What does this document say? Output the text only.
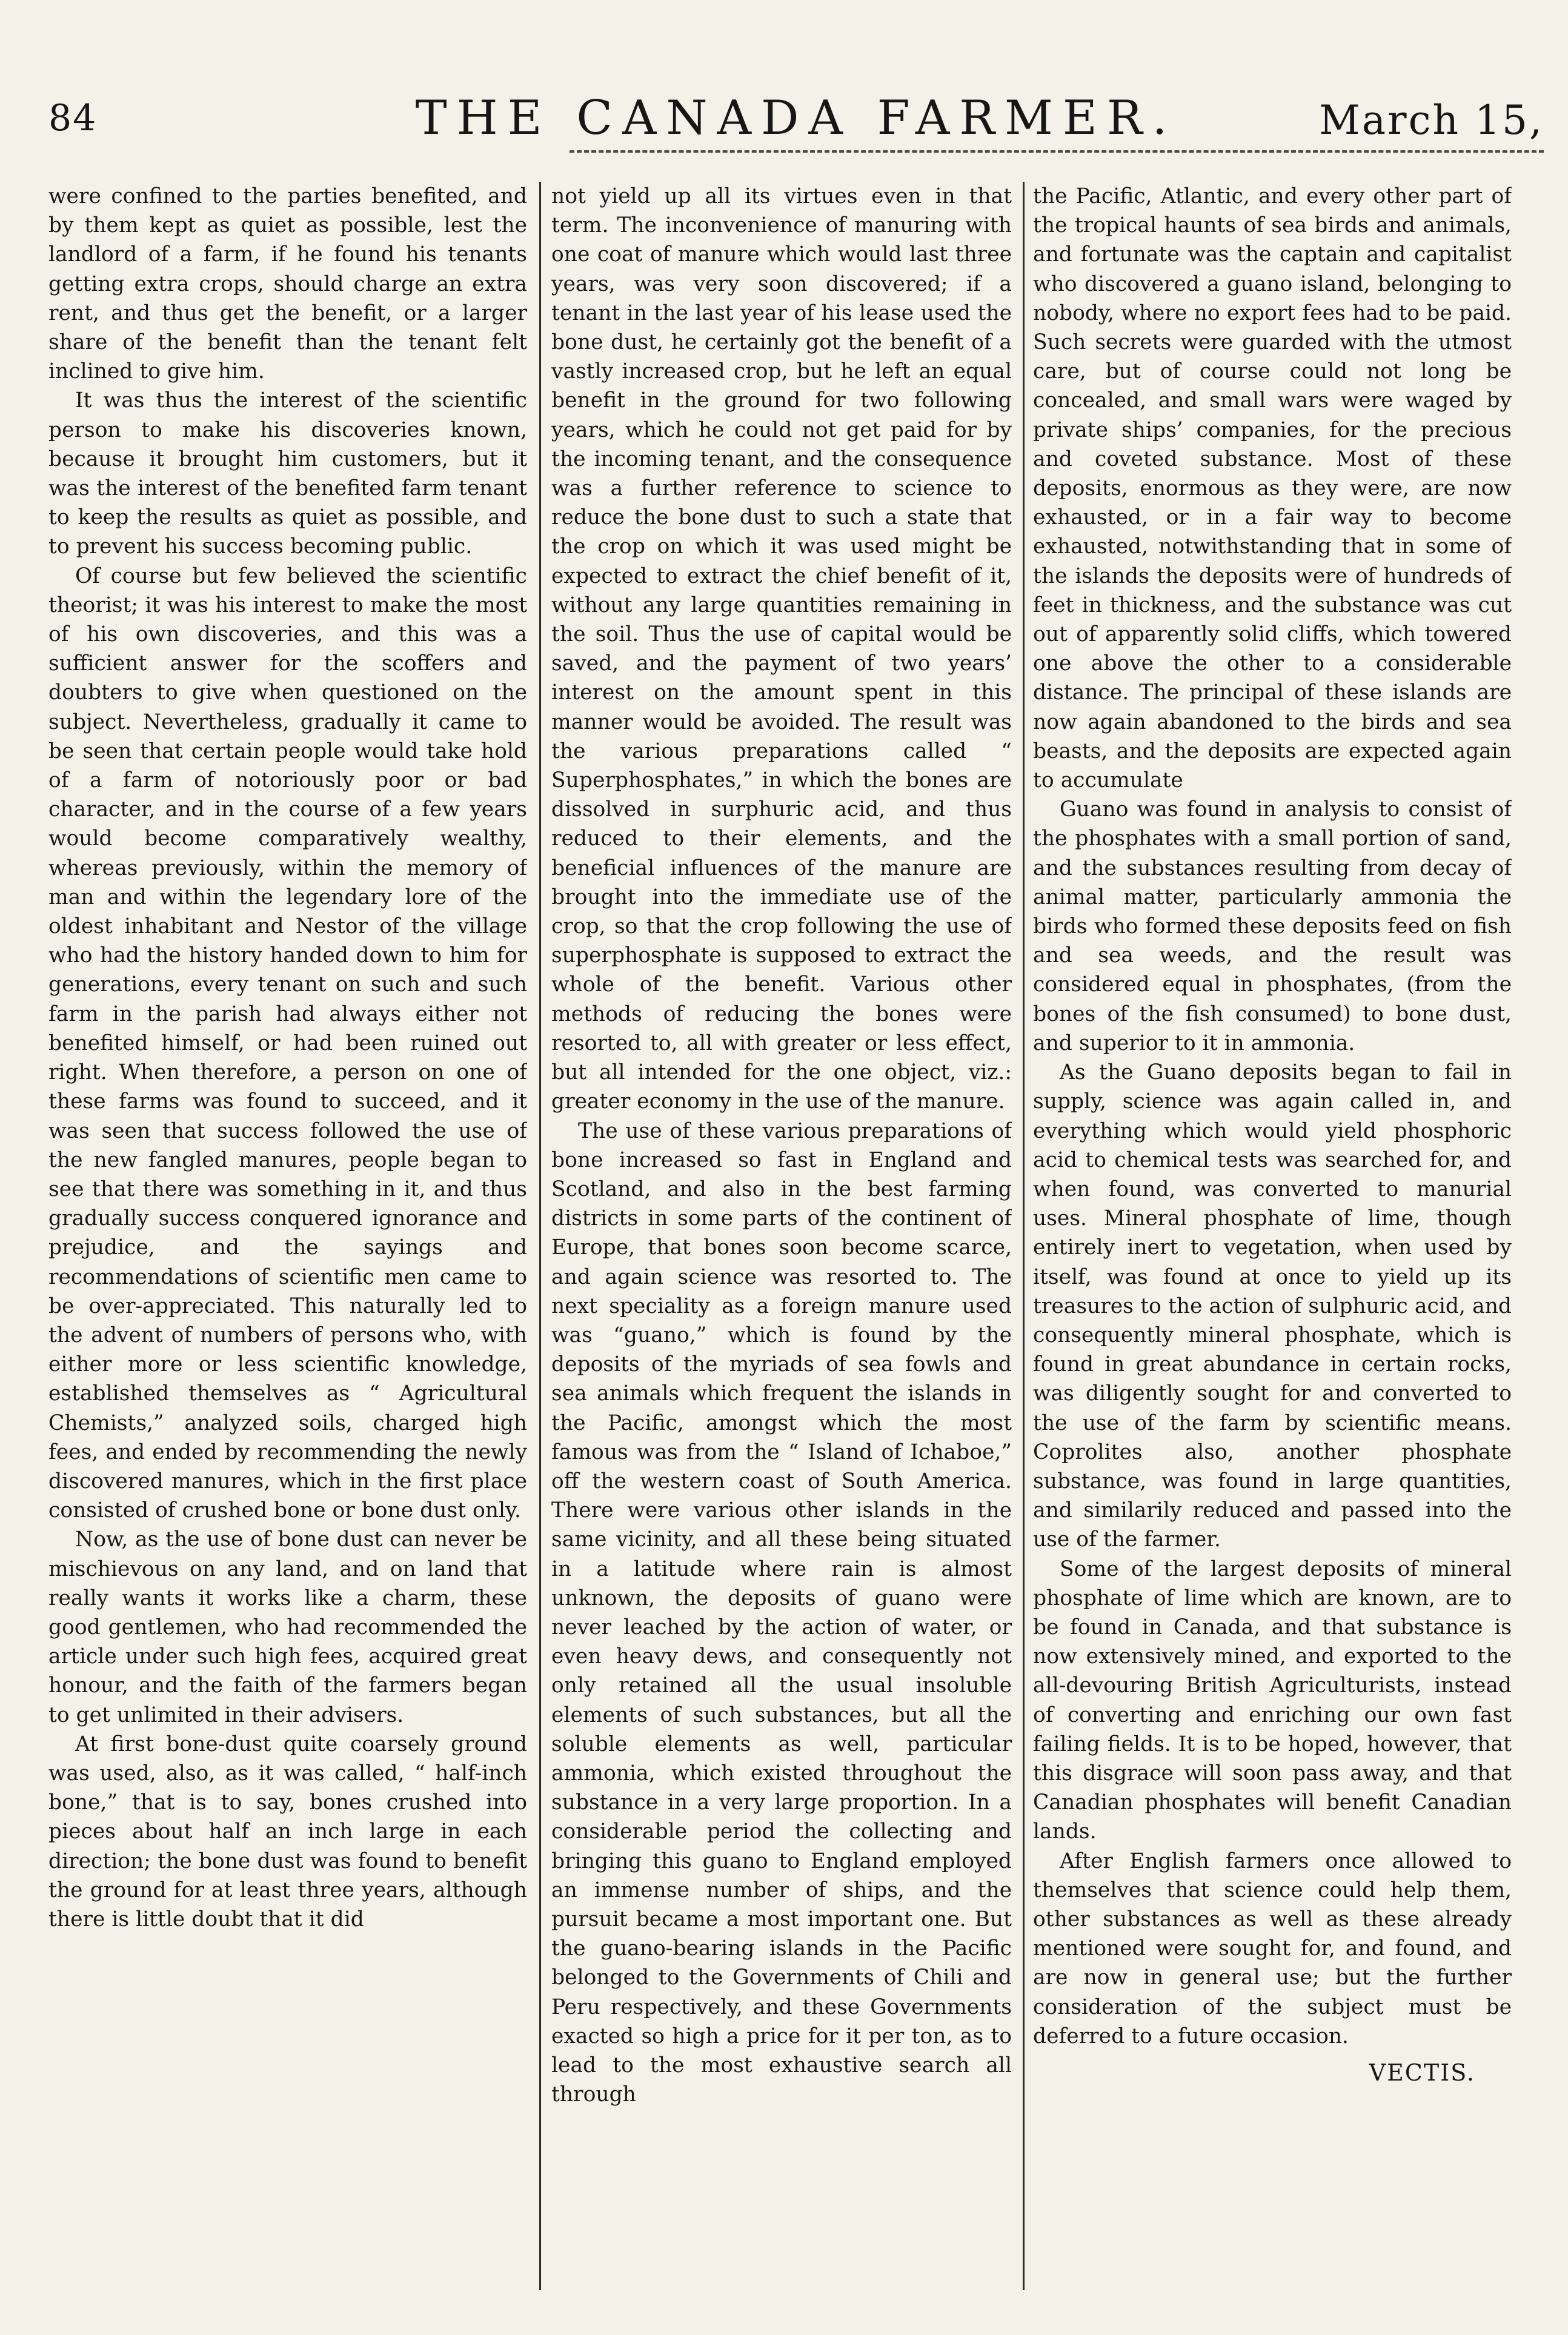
84	THE CANADA FARMER.	March 15,

were confined to the parties benefited, and by them kept as quiet as possible, lest the landlord of a farm, if he found his tenants getting extra crops, should charge an extra rent, and thus get the benefit, or a larger share of the benefit than the tenant felt inclined to give him.

It was thus the interest of the scientific person to make his discoveries known, because it brought him customers, but it was the interest of the benefited farm tenant to keep the results as quiet as possible, and to prevent his success becoming public.

Of course but few believed the scientific theorist; it was his interest to make the most of his own discoveries, and this was a sufficient answer for the scoffers and doubters to give when questioned on the subject. Nevertheless, gradually it came to be seen that certain people would take hold of a farm of notoriously poor or bad character, and in the course of a few years would become comparatively wealthy, whereas previously, within the memory of man and within the legendary lore of the oldest inhabitant and Nestor of the village who had the history handed down to him for generations, every tenant on such and such farm in the parish had always either not benefited himself, or had been ruined out right. When therefore, a person on one of these farms was found to succeed, and it was seen that success followed the use of the new fangled manures, people began to see that there was something in it, and thus gradually success conquered ignorance and prejudice, and the sayings and recommendations of scientific men came to be over-appreciated. This naturally led to the advent of numbers of persons who, with either more or less scientific knowledge, established themselves as “ Agricultural Chemists,” analyzed soils, charged high fees, and ended by recommending the newly discovered manures, which in the first place consisted of crushed bone or bone dust only.

Now, as the use of bone dust can never be mischievous on any land, and on land that really wants it works like a charm, these good gentlemen, who had recommended the article under such high fees, acquired great honour, and the faith of the farmers began to get unlimited in their advisers.

At first bone-dust quite coarsely ground was used, also, as it was called, “ half-inch bone,” that is to say, bones crushed into pieces about half an inch large in each direction; the bone dust was found to benefit the ground for at least three years, although there is little doubt that it did

not yield up all its virtues even in that term. The inconvenience of manuring with one coat of manure which would last three years, was very soon discovered; if a tenant in the last year of his lease used the bone dust, he certainly got the benefit of a vastly increased crop, but he left an equal benefit in the ground for two following years, which he could not get paid for by the incoming tenant, and the consequence was a further reference to science to reduce the bone dust to such a state that the crop on which it was used might be expected to extract the chief benefit of it, without any large quantities remaining in the soil. Thus the use of capital would be saved, and the payment of two years’ interest on the amount spent in this manner would be avoided. The result was the various preparations called “ Superphosphates,” in which the bones are dissolved in surphuric acid, and thus reduced to their elements, and the beneficial influences of the manure are brought into the immediate use of the crop, so that the crop following the use of superphosphate is supposed to extract the whole of the benefit. Various other methods of reducing the bones were resorted to, all with greater or less effect, but all intended for the one object, viz.: greater economy in the use of the manure.

The use of these various preparations of bone increased so fast in England and Scotland, and also in the best farming districts in some parts of the continent of Europe, that bones soon become scarce, and again science was resorted to. The next speciality as a foreign manure used was “guano,” which is found by the deposits of the myriads of sea fowls and sea animals which frequent the islands in the Pacific, amongst which the most famous was from the “ Island of Ichaboe,” off the western coast of South America. There were various other islands in the same vicinity, and all these being situated in a latitude where rain is almost unknown, the deposits of guano were never leached by the action of water, or even heavy dews, and consequently not only retained all the usual insoluble elements of such substances, but all the soluble elements as well, particular ammonia, which existed throughout the substance in a very large proportion. In a considerable period the collecting and bringing this guano to England employed an immense number of ships, and the pursuit became a most important one. But the guano-bearing islands in the Pacific belonged to the Governments of Chili and Peru respectively, and these Governments exacted so high a price for it per ton, as to lead to the most exhaustive search all through

the Pacific, Atlantic, and every other part of the tropical haunts of sea birds and animals, and fortunate was the captain and capitalist who discovered a guano island, belonging to nobody, where no export fees had to be paid. Such secrets were guarded with the utmost care, but of course could not long be concealed, and small wars were waged by private ships’ companies, for the precious and coveted substance. Most of these deposits, enormous as they were, are now exhausted, or in a fair way to become exhausted, notwithstanding that in some of the islands the deposits were of hundreds of feet in thickness, and the substance was cut out of apparently solid cliffs, which towered one above the other to a considerable distance. The principal of these islands are now again abandoned to the birds and sea beasts, and the deposits are expected again to accumulate

Guano was found in analysis to consist of the phosphates with a small portion of sand, and the substances resulting from decay of animal matter, particularly ammonia the birds who formed these deposits feed on fish and sea weeds, and the result was considered equal in phosphates, (from the bones of the fish consumed) to bone dust, and superior to it in ammonia.

As the Guano deposits began to fail in supply, science was again called in, and everything which would yield phosphoric acid to chemical tests was searched for, and when found, was converted to manurial uses. Mineral phosphate of lime, though entirely inert to vegetation, when used by itself, was found at once to yield up its treasures to the action of sulphuric acid, and consequently mineral phosphate, which is found in great abundance in certain rocks, was diligently sought for and converted to the use of the farm by scientific means. Coprolites also, another phosphate substance, was found in large quantities, and similarily reduced and passed into the use of the farmer.

Some of the largest deposits of mineral phosphate of lime which are known, are to be found in Canada, and that substance is now extensively mined, and exported to the all-devouring British Agriculturists, instead of converting and enriching our own fast failing fields. It is to be hoped, however, that this disgrace will soon pass away, and that Canadian phosphates will benefit Canadian lands.

After English farmers once allowed to themselves that science could help them, other substances as well as these already mentioned were sought for, and found, and are now in general use; but the further consideration of the subject must be deferred to a future occasion.

VECTIS.
